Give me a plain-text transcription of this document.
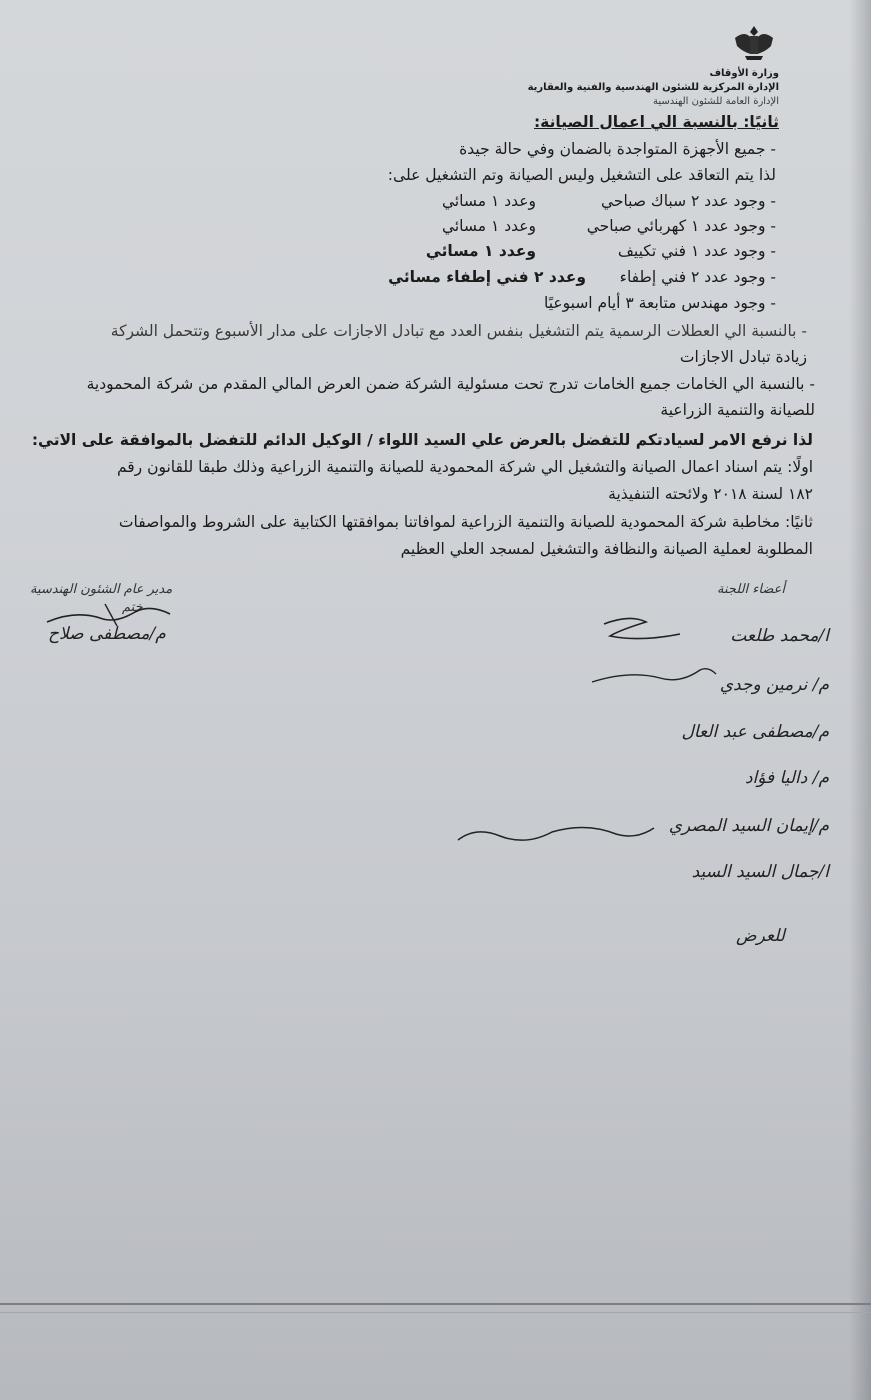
وزارة الأوقاف
الإدارة المركزية للشئون الهندسية والفنية والعقارية
الإدارة العامة للشئون الهندسية
ثانيًا: بالنسبة الي اعمال الصيانة:
- جميع الأجهزة المتواجدة بالضمان وفي حالة جيدة
لذا يتم التعاقد على التشغيل وليس الصيانة وتم التشغيل على:
- وجود عدد ٢ سباك صباحي
وعدد ١ مسائي
- وجود عدد ١ كهربائي صباحي
وعدد ١ مسائي
- وجود عدد ١ فني تكييف
وعدد ١ مسائي
- وجود عدد ٢ فني إطفاء
وعدد ٢ فني إطفاء مسائي
- وجود مهندس متابعة ٣ أيام اسبوعيًا
- بالنسبة الي العطلات الرسمية يتم التشغيل بنفس العدد مع تبادل الاجازات على مدار الأسبوع وتتحمل الشركة
زيادة تبادل الاجازات
- بالنسبة الي الخامات جميع الخامات تدرج تحت مسئولية الشركة ضمن العرض المالي المقدم من شركة المحمودية
للصيانة والتنمية الزراعية
لذا نرفع الامر لسيادتكم للتفضل بالعرض علي السيد اللواء / الوكيل الدائم للتفضل بالموافقة على الاتي:
اولًا: يتم اسناد اعمال الصيانة والتشغيل الي شركة المحمودية للصيانة والتنمية الزراعية وذلك طبقا للقانون رقم
١٨٢ لسنة ٢٠١٨ ولائحته التنفيذية
ثانيًا: مخاطبة شركة المحمودية للصيانة والتنمية الزراعية لموافاتنا بموافقتها الكتابية على الشروط والمواصفات
المطلوبة لعملية الصيانة والنظافة والتشغيل لمسجد العلي العظيم
مدير عام الشئون الهندسية
ختم
م/مصطفى صلاح
أعضاء اللجنة
ا/محمد طلعت
م/ نرمين وجدي
م/مصطفى عبد العال
م/ داليا فؤاد
م/إيمان السيد المصري
ا/جمال السيد السيد
للعرض
